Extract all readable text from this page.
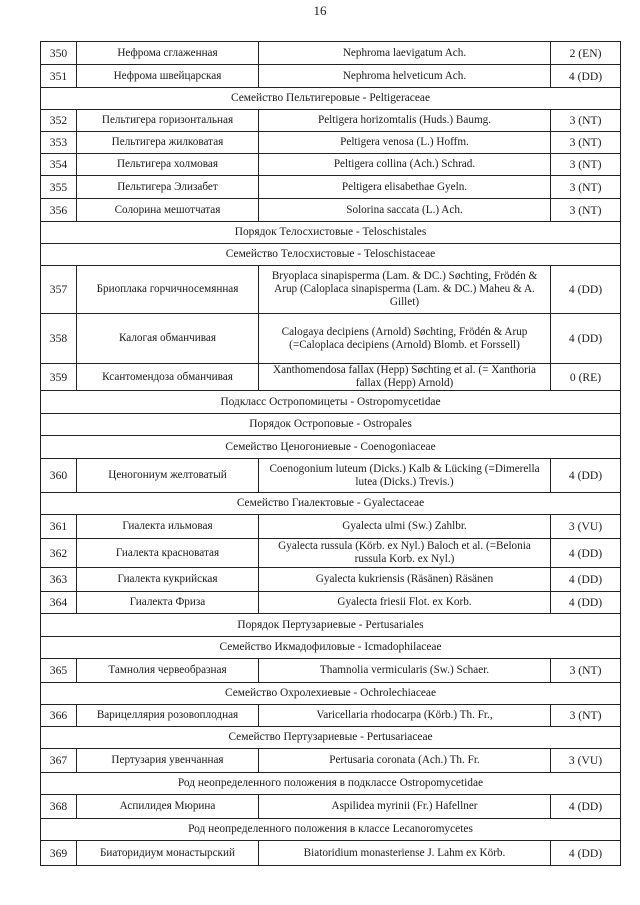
16
350	Нефрома сглаженная	Nephroma laevigatum Ach.	2 (EN)
351	Нефрома швейцарская	Nephroma helveticum Ach.	4 (DD)
Семейство Пельтигеровые - Peltigeraceae			
352	Пельтигера горизонтальная	Peltigera horizomtalis (Huds.) Baumg.	3 (NT)
353	Пельтигера жилковатая	Peltigera venosa (L.) Hoffm.	3 (NT)
354	Пельтигера холмовая	Peltigera collina (Ach.) Schrad.	3 (NT)
355	Пельтигера Элизабет	Peltigera elisabethae Gyeln.	3 (NT)
356	Солорина мешотчатая	Solorina saccata (L.) Ach.	3 (NT)
Порядок Телосхистовые - Teloschistales			
Семейство Телосхистовые - Teloschistaceae			
357	Бриоплака горчичносемянная	Bryoplaca sinapisperma (Lam. & DC.) Søchting, Frödén & Arup (Caloplaca sinapisperma (Lam. & DC.) Maheu & A. Gillet)	4 (DD)
358	Калогая обманчивая	Calogaya decipiens (Arnold) Søchting, Frödén & Arup (=Caloplaca decipiens (Arnold) Blomb. et Forssell)	4 (DD)
359	Ксантомендоза обманчивая	Xanthomendosa fallax (Hepp) Søchting et al. (= Xanthoria fallax (Hepp) Arnold)	0 (RE)
Подкласс Остропомицеты - Ostropomycetidae			
Порядок Остроповые - Ostropales			
Семейство Ценогониевые - Coenogoniaceae			
360	Ценогониум желтоватый	Coenogonium luteum (Dicks.) Kalb & Lücking (=Dimerella lutea (Dicks.) Trevis.)	4 (DD)
Семейство Гиалектовые - Gyalectaceae			
361	Гиалекта ильмовая	Gyalecta ulmi (Sw.) Zahlbr.	3 (VU)
362	Гиалекта красноватая	Gyalecta russula (Körb. ex Nyl.) Baloch et al. (=Belonia russula Korb. ex Nyl.)	4 (DD)
363	Гиалекта кукрийская	Gyalecta kukriensis (Räsänen) Räsänen	4 (DD)
364	Гиалекта Фриза	Gyalecta friesii Flot. ex Korb.	4 (DD)
Порядок Пертузариевые - Pertusariales			
Семейство Икмадофиловые - Icmadophilaceae			
365	Тамнолия червеобразная	Thamnolia vermicularis (Sw.) Schaer.	3 (NT)
Семейство Охролехиевые - Ochrolechiaceae			
366	Варицеллярия розовоплодная	Varicellaria rhodocarpa (Körb.) Th. Fr.,	3 (NT)
Семейство Пертузариевые - Pertusariaceae			
367	Пертузария увенчанная	Pertusaria coronata (Ach.) Th. Fr.	3 (VU)
Род неопределенного положения в подклассе Ostropomycetidae			
368	Аспилидея Мюрина	Aspilidea myrinii (Fr.) Hafellner	4 (DD)
Род неопределенного положения в классе Lecanoromycetes			
369	Биаторидиум монастырский	Biatoridium monasteriense J. Lahm ex Körb.	4 (DD)
